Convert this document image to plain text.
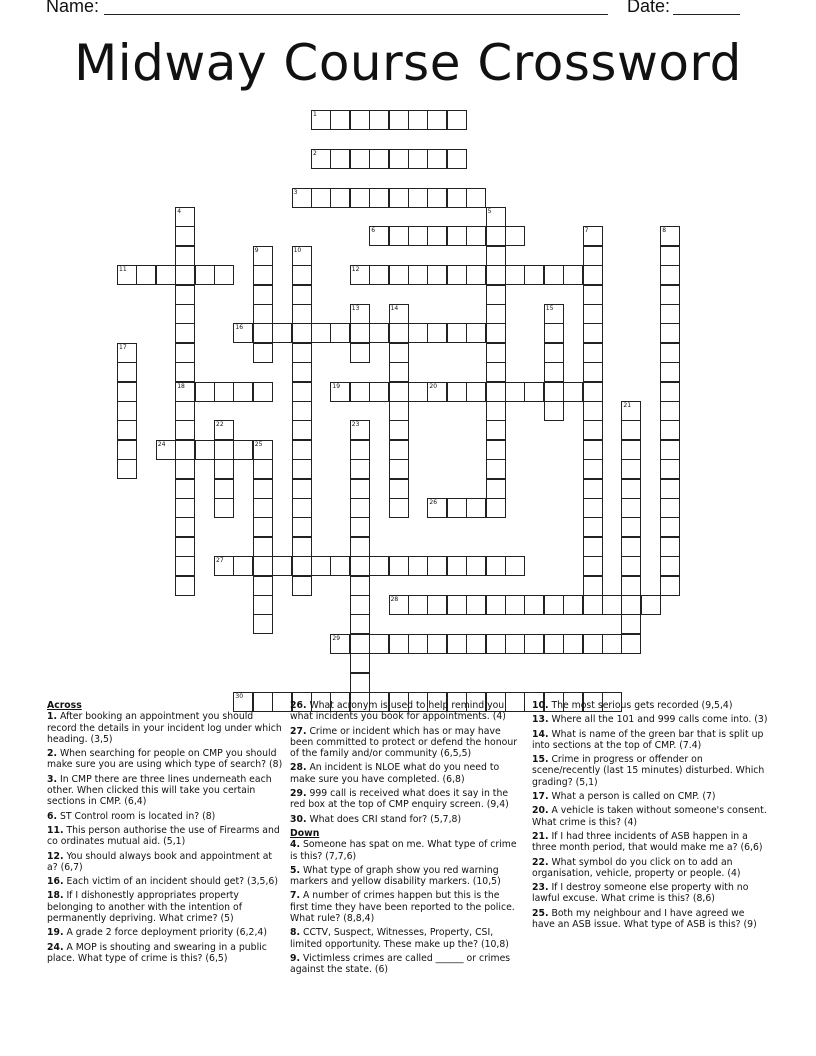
Name:	Date:
Midway Course Crossword
1
2
3
4
18
5
6	7	8
9	10
11	12
13	14	15
16
17
19	20
21
22	23
24	25
26
27
28
29
30
Across
1. After booking an appointment you should record the details in your incident log under which heading. (3,5)
2. When searching for people on CMP you should make sure you are using which type of search? (8)
3. In CMP there are three lines underneath each other. When clicked this will take you certain sections in CMP. (6,4)
6. ST Control room is located in? (8)
11. This person authorise the use of Firearms and co ordinates mutual aid. (5,1)
12. You should always book and appointment at a? (6,7)
16. Each victim of an incident should get? (3,5,6)
18. If I dishonestly appropriates property belonging to another with the intention of permanently depriving. What crime? (5)
19. A grade 2 force deployment priority (6,2,4)
24. A MOP is shouting and swearing in a public place. What type of crime is this? (6,5)
26. What acronym is used to help remind you what incidents you book for appointments. (4)
27. Crime or incident which has or may have been committed to protect or defend the honour of the family and/or community (6,5,5)
28. An incident is NLOE what do you need to make sure you have completed. (6,8)
29. 999 call is received what does it say in the red box at the top of CMP enquiry screen. (9,4)
30. What does CRI stand for? (5,7,8)
Down
4. Someone has spat on me. What type of crime is this? (7,7,6)
5. What type of graph show you red warning markers and yellow disability markers. (10,5)
7. A number of crimes happen but this is the first time they have been reported to the police. What rule? (8,8,4)
8. CCTV, Suspect, Witnesses, Property, CSI, limited opportunity. These make up the? (10,8)
9. Victimless crimes are called ______ or crimes against the state. (6)
10. The most serious gets recorded (9,5,4)
13. Where all the 101 and 999 calls come into. (3)
14. What is name of the green bar that is split up into sections at the top of CMP. (7.4)
15. Crime in progress or offender on scene/recently (last 15 minutes) disturbed. Which grading? (5,1)
17. What a person is called on CMP. (7)
20. A vehicle is taken without someone's consent. What crime is this? (4)
21. If I had three incidents of ASB happen in a three month period, that would make me a? (6,6)
22. What symbol do you click on to add an organisation, vehicle, property or people. (4)
23. If I destroy someone else property with no lawful excuse. What crime is this? (8,6)
25. Both my neighbour and I have agreed we have an ASB issue. What type of ASB is this? (9)
